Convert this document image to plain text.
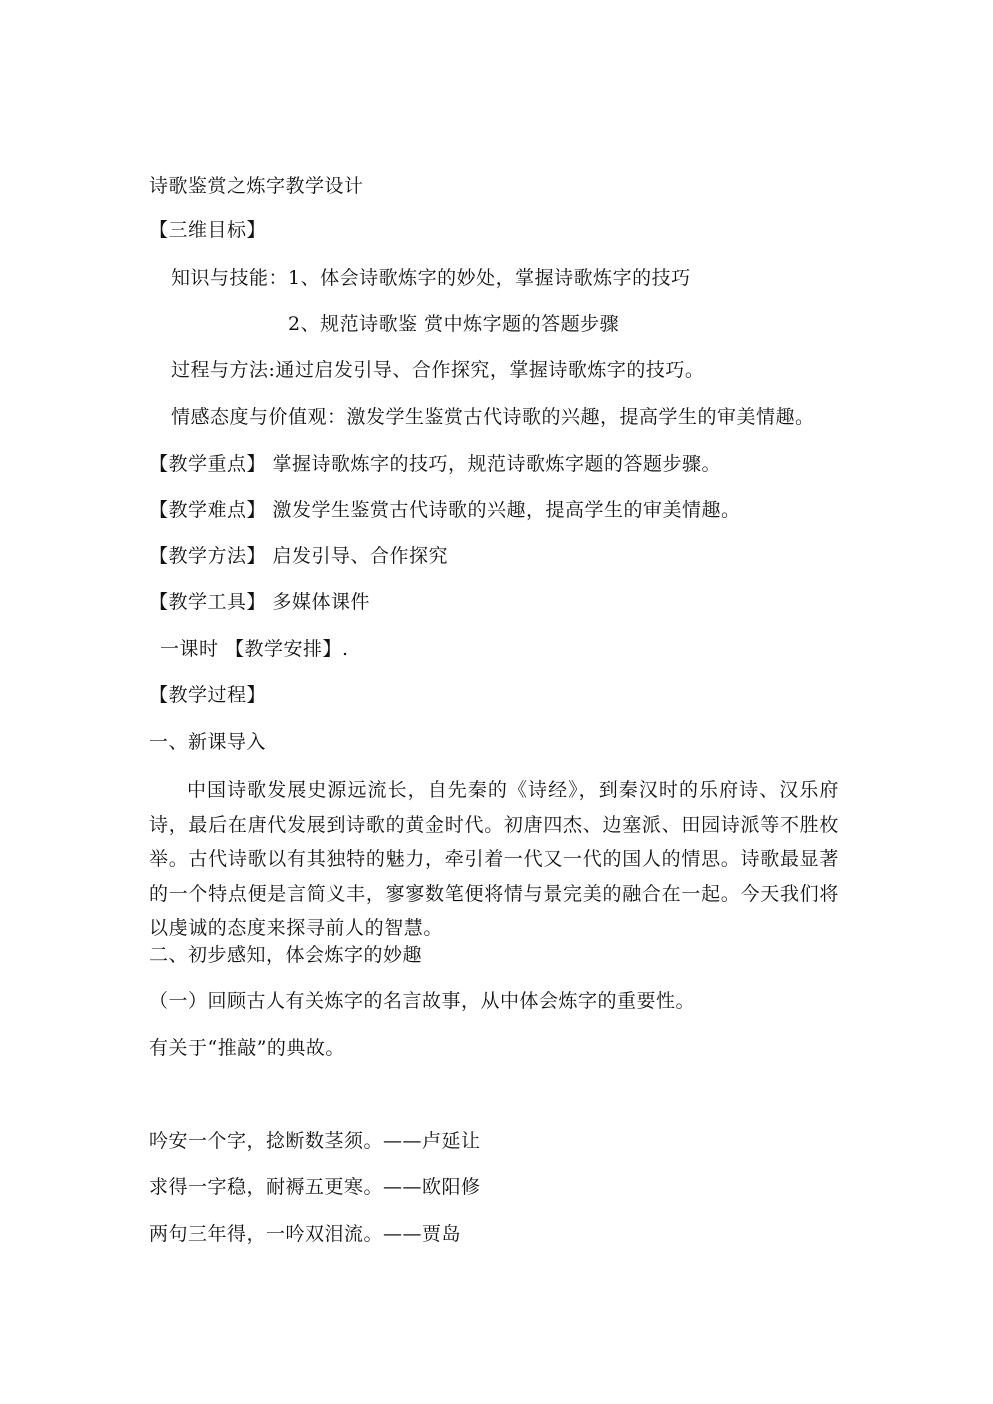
诗歌鉴赏之炼字教学设计
【三维目标】
知识与技能：1、体会诗歌炼字的妙处，掌握诗歌炼字的技巧
2、规范诗歌鉴 赏中炼字题的答题步骤
过程与方法:通过启发引导、合作探究，掌握诗歌炼字的技巧。
情感态度与价值观：激发学生鉴赏古代诗歌的兴趣，提高学生的审美情趣。
【教学重点】 掌握诗歌炼字的技巧，规范诗歌炼字题的答题步骤。
【教学难点】 激发学生鉴赏古代诗歌的兴趣，提高学生的审美情趣。
【教学方法】 启发引导、合作探究
【教学工具】 多媒体课件
一课时 【教学安排】.
【教学过程】
一、新课导入
中国诗歌发展史源远流长，自先秦的《诗经》，到秦汉时的乐府诗、汉乐府诗，最后在唐代发展到诗歌的黄金时代。初唐四杰、边塞派、田园诗派等不胜枚举。古代诗歌以有其独特的魅力，牵引着一代又一代的国人的情思。诗歌最显著的一个特点便是言简义丰，寥寥数笔便将情与景完美的融合在一起。今天我们将以虔诚的态度来探寻前人的智慧。
二、初步感知，体会炼字的妙趣
（一）回顾古人有关炼字的名言故事，从中体会炼字的重要性。
有关于“推敲”的典故。
吟安一个字，捻断数茎须。——卢延让
求得一字稳，耐褥五更寒。——欧阳修
两句三年得，一吟双泪流。——贾岛
